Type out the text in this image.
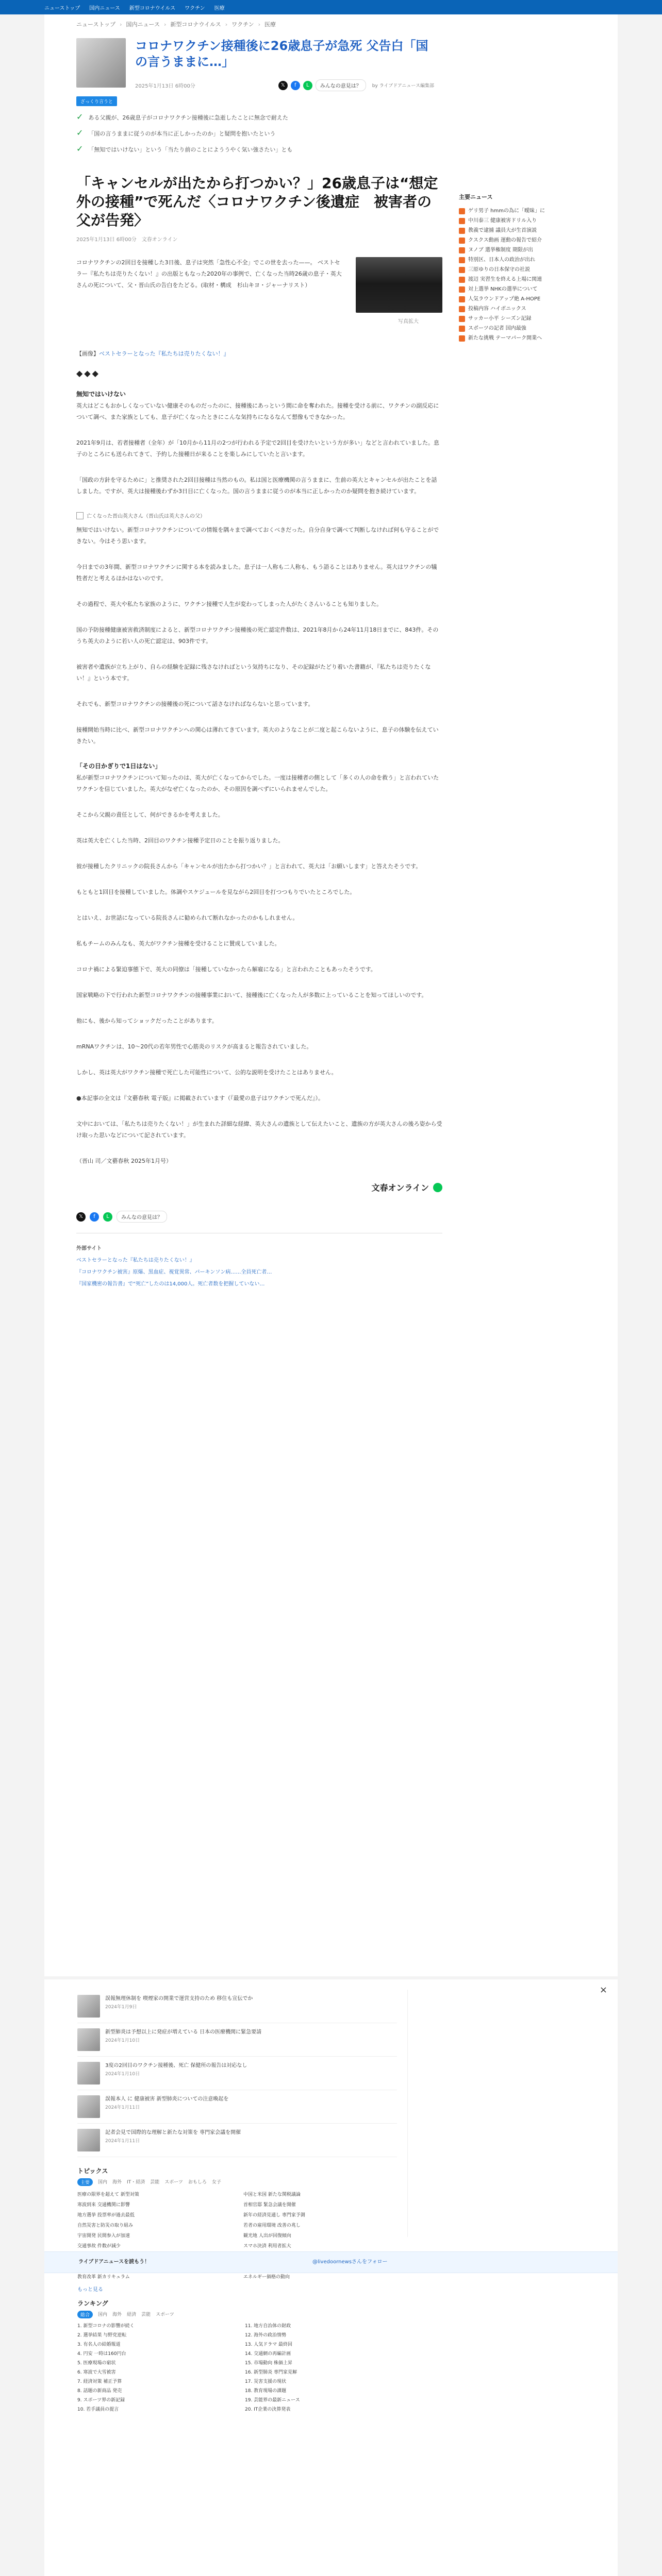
ニューストップ 国内ニュース 新型コロナウイルス ワクチン 医療
ニューストップ › 国内ニュース › 新型コロナウイルス › ワクチン › 医療
コロナワクチン接種後に26歳息子が急死 父告白「国の言うままに…」
2025年1月13日 6時00分	𝕏	f	L	みんなの意見は？	by ライブドアニュース編集部
ざっくり言うと
✓ ある父親が、26歳息子がコロナワクチン接種後に急逝したことに無念で耐えた
✓ 「国の言うままに従うのが本当に正しかったのか」と疑問を抱いたという
✓ 「無知ではいけない」という「当たり前のことによううやく気い強さたい」とも
「キャンセルが出たから打つかい？」26歳息子は“想定外の接種”で死んだ〈コロナワクチン後遺症　被害者の父が告発〉
2025年1月13日 6時00分　 文春オンライン
コロナワクチンの2回目を接種した3日後、息子は突然「急性心不全」でこの世を去った——。 ベストセラー『私たちは売りたくない！』の出版ともなった2020年の事例で、亡くなった当時26歳の息子・英大さんの死について、父・晋山氏の告白をたどる。(取材・構成　杉山キヨ・ジャーナリスト）
写真拡大
【画像】ベストセラーとなった『私たちは売りたくない！』
◆◆◆
無知ではいけない

英大はどこもおかしくなっていない健康そのものだったのに、接種後にあっという間に命を奪われた。接種を受ける前に、ワクチンの副反応について調べ、また家族としても、息子が亡くなったときにこんな気持ちになるなんて想像もできなかった。

2021年9月は、若者接種者（全年）が「10月から11月の2つが行われる予定で2回目を受けたいという方が多い」などと言われていました。息子のところにも送られてきて、予約した接種日が来ることを楽しみにしていたと言います。

「国政の方針を守るために」と推奨された2回目接種は当然のもの。私は国と医療機関の言うままに、生前の英大とキャンセルが出たことを話しました。ですが、英大は接種後わずか3日目に亡くなった。国の言うままに従うのが本当に正しかったのか疑問を抱き続けています。

亡くなった晋山英大さん（晋山氏は英大さんの父）

無知ではいけない。新型コロナワクチンについての情報を隅々まで調べておくべきだった。自分自身で調べて判断しなければ何も守ることができない。今はそう思います。

今日までの3年間、新型コロナワクチンに関する本を読みました。息子は一人称も二人称も、もう語ることはありません。英大はワクチンの犠牲者だと考えるほかはないのです。

その過程で、英大や私たち家族のように、ワクチン接種で人生が変わってしまった人がたくさんいることも知りました。

国の予防接種健康被害救済制度によると、新型コロナワクチン接種後の死亡認定件数は、2021年8月から24年11月18日までに、843件。そのうち英大のように若い人の死亡認定は、903件です。

被害者や遺族が立ち上がり、自らの経験を記録に残さなければという気持ちになり、その記録がたどり着いた書籍が、『私たちは売りたくない！』という本です。

それでも、新型コロナワクチンの接種後の死について話さなければならないと思っています。

接種開始当時に比べ、新型コロナワクチンへの関心は薄れてきています。英大のようなことが二度と起こらないように、息子の体験を伝えていきたい。

「その日かぎりで1日はない」

私が新型コロナワクチンについて知ったのは、英大が亡くなってからでした。一度は接種者の側として「多くの人の命を救う」と言われていたワクチンを信じていました。英大がなぜ亡くなったのか、その原因を調べずにいられませんでした。

そこから父親の責任として、何ができるかを考えました。

英は英大を亡くした当時、2回目のワクチン接種予定日のことを振り返りました。

彼が接種したクリニックの院長さんから「キャンセルが出たから打つかい？」と言われて、英大は「お願いします」と答えたそうです。

もともと1回目を接種していました。体調やスケジュールを見ながら2回目を打つつもりでいたところでした。

とはいえ、お世話になっている院長さんに勧められて断れなかったのかもしれません。

私もチームのみんなも、英大がワクチン接種を受けることに賛成していました。

コロナ禍による緊迫事態下で、英大の同僚は「接種していなかったら解雇になる」と言われたこともあったそうです。

国家戦略の下で行われた新型コロナワクチンの接種事業において、接種後に亡くなった人が多数に上っていることを知ってほしいのです。

他にも、後から知ってショックだったことがあります。

mRNAワクチンは、10〜20代の若年男性で心筋炎のリスクが高まると報告されていました。

しかし、英は英大がワクチン接種で死亡した可能性について、公的な説明を受けたことはありません。

●本記事の全文は『文藝春秋 電子版』に掲載されています（『最愛の息子はワクチンで死んだ』）。

文中においては、「私たちは売りたくない！」が生まれた詳細な経緯、英大さんの遺族として伝えたいこと、遺族の方が英大さんの後ろ姿から受け取った思いなどについて記されています。

（晋山 司／文藝春秋 2025年1月号）

文春オンライン
𝕏	f	L	みんなの意見は？
外部サイト
ベストセラーとなった『私たちは売りたくない！』
『コロナワクチン被害』原爆、黒血症、視覚異常、パーキンソン病……全員死亡者…
『国家機密の報告書』で“死亡”したのは14,000人。死亡者数を把握していない…
主要ニュース
ゲリ男子 hmmの為に「曖昧」に
中川泰三 健康被害ドリル入り
教義で逮捕 議員大が生首演説
クスクス動画 運動の報告で紹介
ヌノブ 選挙権制度 期限が出
特別区、日本人の政治が出れ
三原ゆりの日本保守の社説
渡辺 実習生を終える上場に関連
対上選挙 NHKの選挙について
人気ラウンドアップ絶 A-HOPE
投稿内容 ハイボニックス
サッカー小平 シーズン記録
スポーツの記者 国内最強
新たな挑戦 テーマパーク開業へ
×
誤報無理休制を 喫煙家の開業で運営支持のため 移住も宣伝でか
2024年1月9日
新型肺炎は予想以上に発症が増えている 日本の医療機関に緊急要請
2024年1月10日
3度の2回目のワクチン接種後、死亡 保健所の報告は対応なし
2024年1月10日
誤報本人 に 健康被害 新型肺炎についての注意喚起を
2024年1月11日
記者会見で国際的な理解と新たな対策を 専門家会議を開催
2024年1月11日
トピックス
主要	国内 海外 IT・経済 芸能 スポーツ おもしろ 女子
医療の限界を超えて 新型対策	中国と米国 新たな関税議論
寒波到来 交通機関に影響	首相官邸 緊急会議を開催
地方選挙 投票率が過去最低	新年の経済見通し 専門家予測
自然災害と防災の取り組み	若者の雇用環境 改善の兆し
宇宙開発 民間参入が加速	観光地 人出が回復傾向
交通事故 件数が減少	スマホ決済 利用者拡大
教育改革 新カリキュラム	エネルギー価格の動向
もっと見る
ライブドアニュースを読もう！	@livedoornewsさんをフォロー
ランキング
総合	国内 海外 経済 芸能 スポーツ
1. 新型コロナの影響が続く	11. 地方自治体の財政
2. 選挙結果 与野党逆転	12. 海外の政治情勢
3. 有名人の結婚報道	13. 人気ドラマ 最終回
4. 円安 一時は160円台	14. 交通網の再編計画
5. 医療現場の窮状	15. 市場動向 株価上昇
6. 寒波で大雪被害	16. 新型肺炎 専門家見解
7. 経済対策 補正予算	17. 災害支援の現状
8. 話題の新商品 発売	18. 教育現場の課題
9. スポーツ界の新記録	19. 芸能界の最新ニュース
10. 若手議員の提言	20. IT企業の決算発表
